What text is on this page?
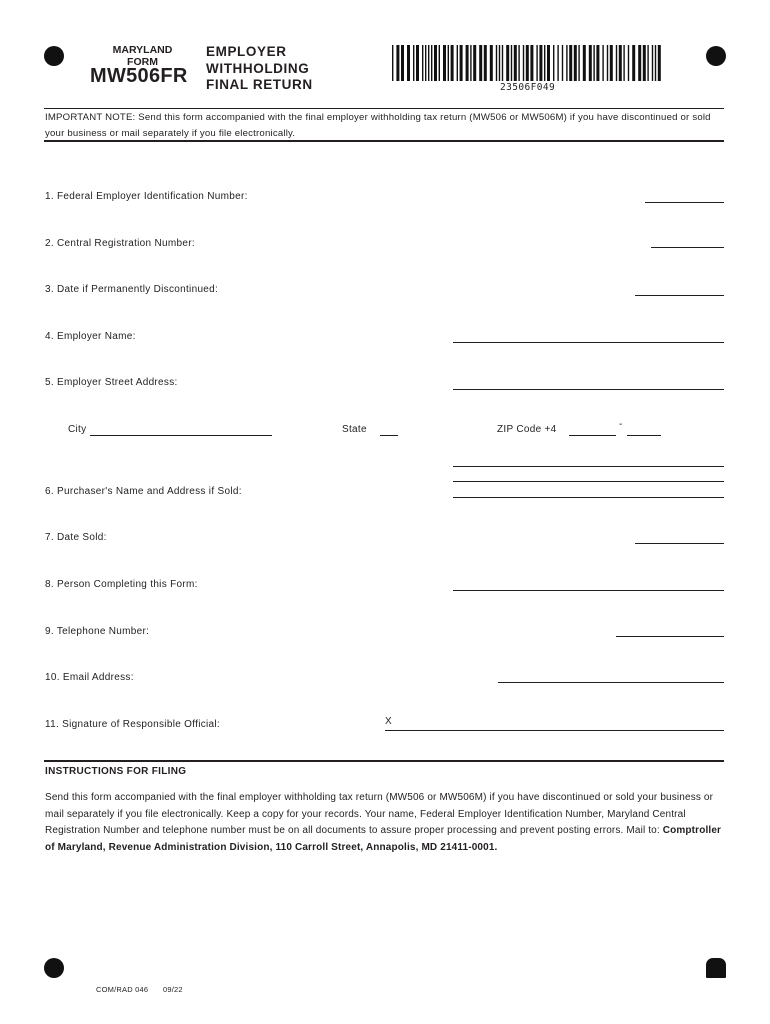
MARYLAND
FORM
MW506FR
EMPLOYER
WITHHOLDING
FINAL RETURN	23506F049
IMPORTANT NOTE: Send this form accompanied with the final employer withholding tax return (MW506 or MW506M) if you have discontinued or sold your business or mail separately if you file electronically.
1. Federal Employer Identification Number:
2. Central Registration Number:
3. Date if Permanently Discontinued:
4. Employer Name:
5. Employer Street Address:
City	State	ZIP Code +4	-
6. Purchaser's Name and Address if Sold:
7. Date Sold:
8. Person Completing this Form:
9. Telephone Number:
10. Email Address:
11. Signature of Responsible Official:	X
INSTRUCTIONS FOR FILING
Send this form accompanied with the final employer withholding tax return (MW506 or MW506M) if you have discontinued or sold your business or mail separately if you file electronically. Keep a copy for your records. Your name, Federal Employer Identification Number, Maryland Central Registration Number and telephone number must be on all documents to assure proper processing and prevent posting errors. Mail to: Comptroller of Maryland, Revenue Administration Division, 110 Carroll Street, Annapolis, MD 21411-0001.
COM/RAD 046 09/22
